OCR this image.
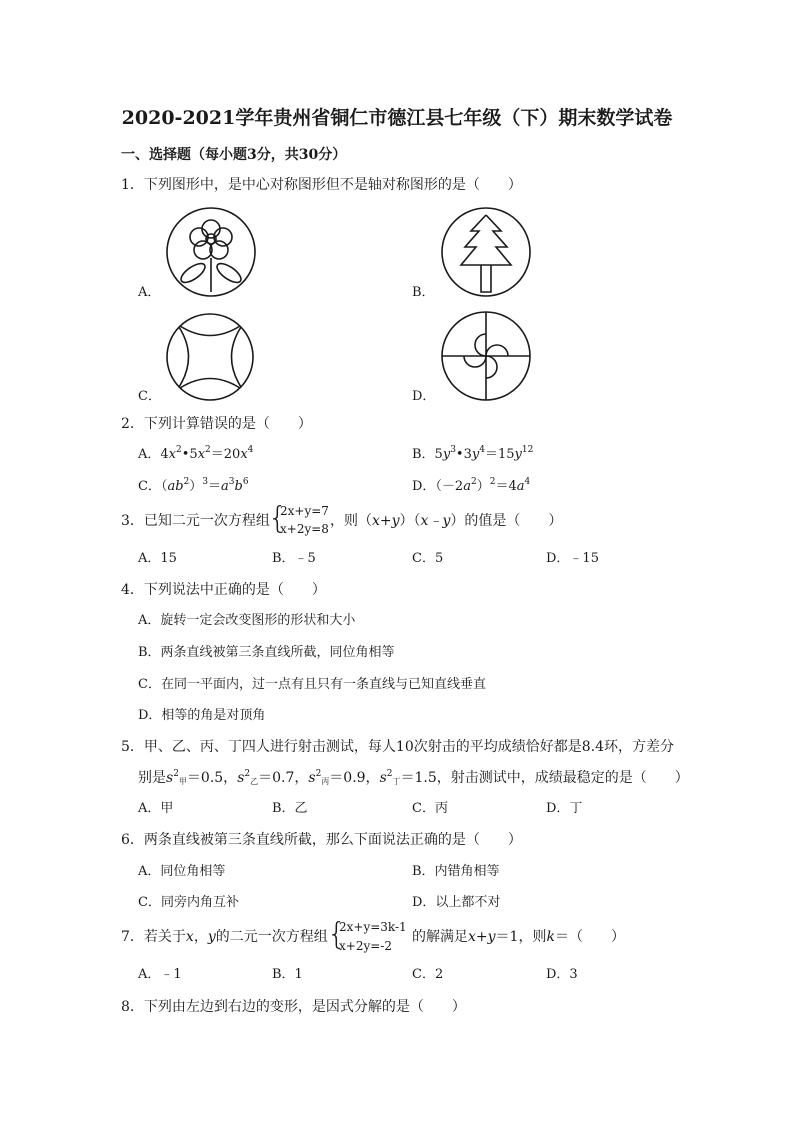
2020-2021学年贵州省铜仁市德江县七年级（下）期末数学试卷
一、选择题（每小题3分，共30分）
1．下列图形中，是中心对称图形但不是轴对称图形的是（　　）
A．	B．
C．	D．
2．下列计算错误的是（　　）
A．$4x^2•5x^2=20x^4$	B．$5y^3•3y^4=15y^{12}$
C．$(ab^2)^3=a^3b^6$	D．$(-2a^2)^2=4a^4$
3．已知二元一次方程组
{
2x+y=7
x+2y=8 ，则（x+y）（x﹣y）的值是（　　）
A．15	B．﹣5	C．5	D．﹣15
4．下列说法中正确的是（　　）
A．旋转一定会改变图形的形状和大小
B．两条直线被第三条直线所截，同位角相等
C．在同一平面内，过一点有且只有一条直线与已知直线垂直
D．相等的角是对顶角
5．甲、乙、丙、丁四人进行射击测试，每人10次射击的平均成绩恰好都是8.4环，方差分
别是$s^2_甲=0.5$，$s^2_乙=0.7$，$s^2_丙=0.9$，$s^2_丁=1.5$，射击测试中，成绩最稳定的是（　　）
A．甲	B．乙	C．丙	D．丁
6．两条直线被第三条直线所截，那么下面说法正确的是（　　）
A．同位角相等	B．内错角相等
C．同旁内角互补	D．以上都不对
7．若关于x，y的二元一次方程组 {
2x+y=3k-1
x+2y=-2
的解满足x+y＝1，则k＝（　　）
A．﹣1	B．1	C．2	D．3
8．下列由左边到右边的变形，是因式分解的是（　　）
